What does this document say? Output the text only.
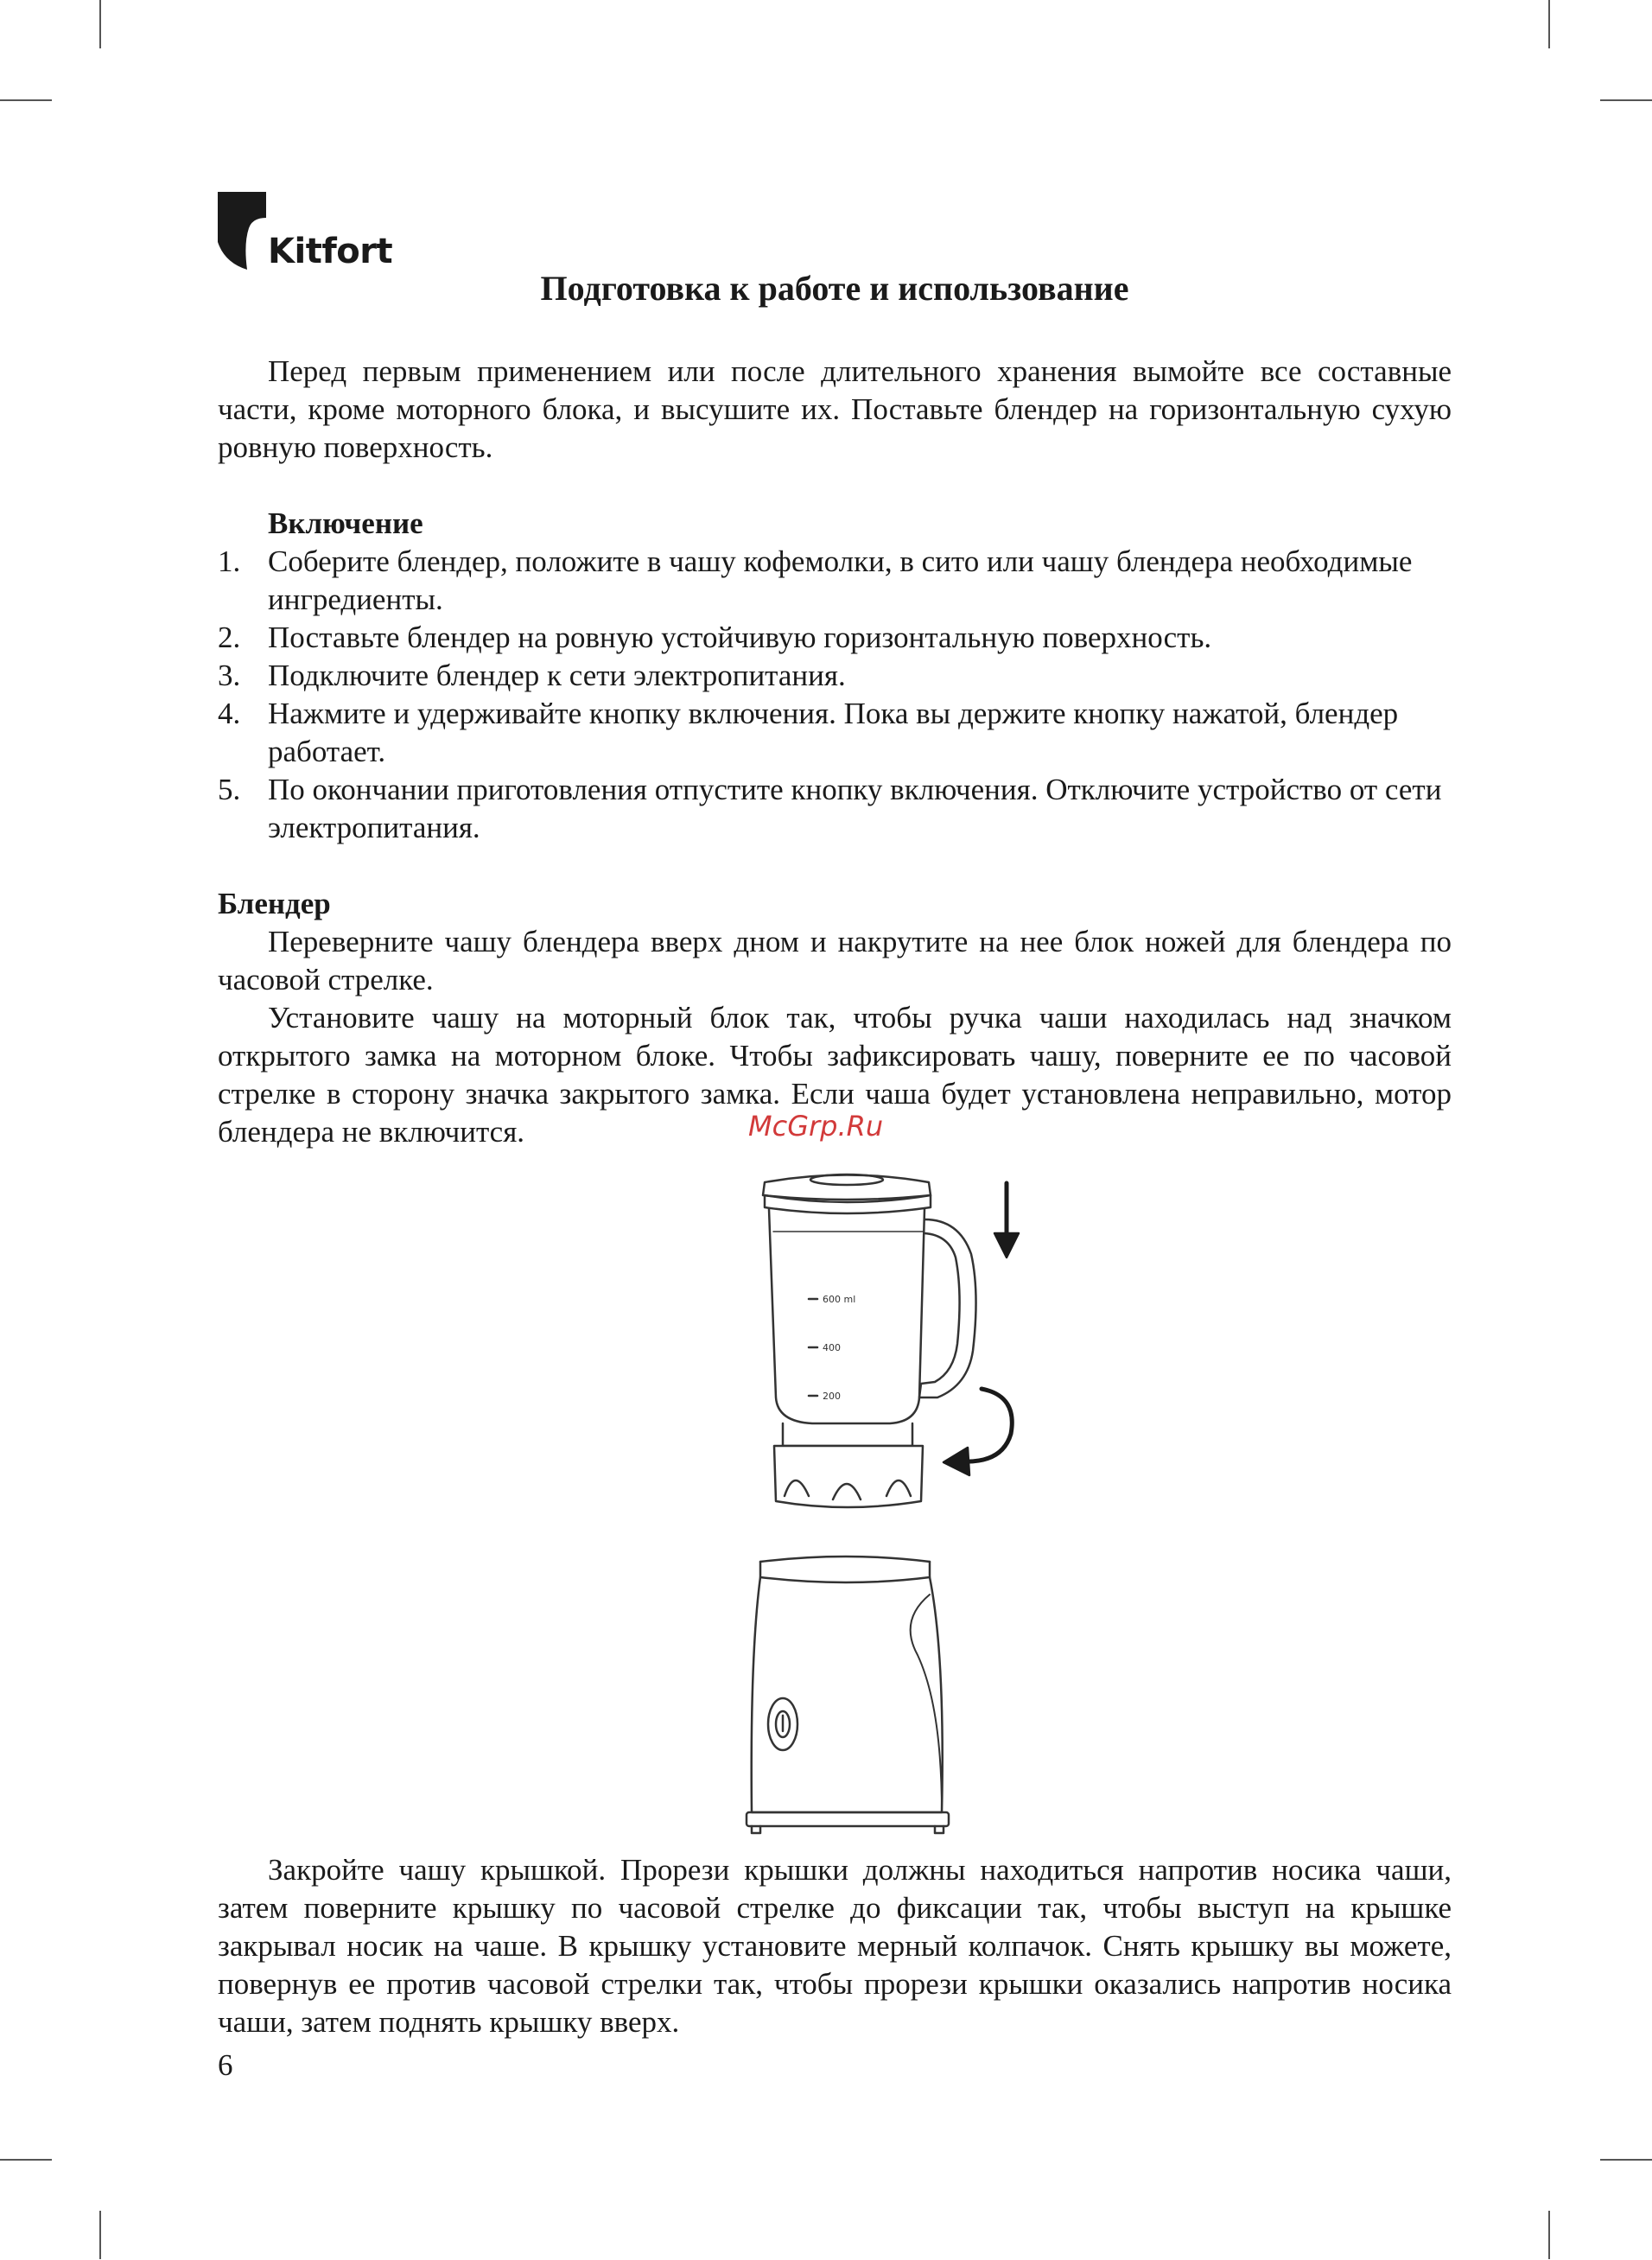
Kitfort
Подготовка к работе и использование

Перед первым применением или после длительного хранения вымойте все составные части, кроме моторного блока, и высушите их. Поставьте блендер на горизонтальную сухую ровную поверхность.

Включение

1. Соберите блендер, положите в чашу кофемолки, в сито или чашу блендера необходимые ингредиенты.
2. Поставьте блендер на ровную устойчивую горизонтальную поверхность.
3. Подключите блендер к сети электропитания.
4. Нажмите и удерживайте кнопку включения. Пока вы держите кнопку нажатой, блендер работает.
5. По окончании приготовления отпустите кнопку включения. Отключите устройство от сети электропитания.

Блендер

Переверните чашу блендера вверх дном и накрутите на нее блок ножей для блендера по часовой стрелке.

Установите чашу на моторный блок так, чтобы ручка чаши находилась над значком открытого замка на моторном блоке. Чтобы зафиксировать чашу, поверните ее по часовой стрелке в сторону значка закрытого замка. Если чаша будет установлена неправильно, мотор блендера не включится.	McGrp.Ru
600 ml
400
200

Закройте чашу крышкой. Прорези крышки должны находиться напротив носика чаши, затем поверните крышку по часовой стрелке до фиксации так, чтобы выступ на крышке закрывал носик на чаше. В крышку установите мерный колпачок. Снять крышку вы можете, повернув ее против часовой стрелки так, чтобы прорези крышки оказались напротив носика чаши, затем поднять крышку вверх.

6
